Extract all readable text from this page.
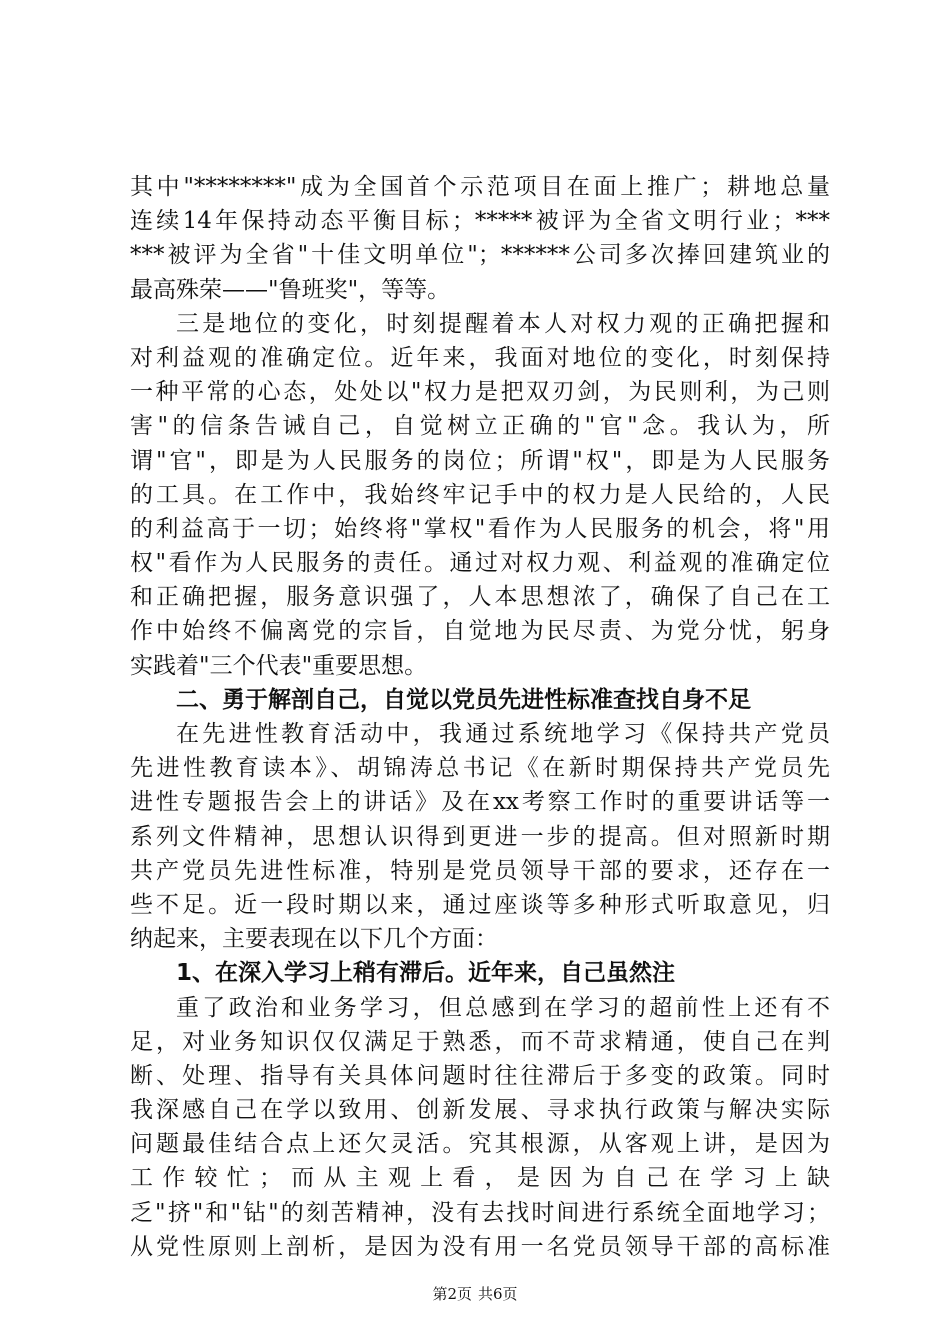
其中"********"成为全国首个示范项目在面上推广；耕地总量
连续14年保持动态平衡目标；*****被评为全省文明行业；***
***被评为全省"十佳文明单位"；******公司多次捧回建筑业的
最高殊荣——"鲁班奖"，等等。
三是地位的变化，时刻提醒着本人对权力观的正确把握和
对利益观的准确定位。近年来，我面对地位的变化，时刻保持
一种平常的心态，处处以"权力是把双刃剑，为民则利，为己则
害"的信条告诫自己，自觉树立正确的"官"念。我认为，所
谓"官"，即是为人民服务的岗位；所谓"权"，即是为人民服务
的工具。在工作中，我始终牢记手中的权力是人民给的，人民
的利益高于一切；始终将"掌权"看作为人民服务的机会，将"用
权"看作为人民服务的责任。通过对权力观、利益观的准确定位
和正确把握，服务意识强了，人本思想浓了，确保了自己在工
作中始终不偏离党的宗旨，自觉地为民尽责、为党分忧，躬身
实践着"三个代表"重要思想。
二、勇于解剖自己，自觉以党员先进性标准查找自身不足
在先进性教育活动中，我通过系统地学习《保持共产党员
先进性教育读本》、胡锦涛总书记《在新时期保持共产党员先
进性专题报告会上的讲话》及在xx考察工作时的重要讲话等一
系列文件精神，思想认识得到更进一步的提高。但对照新时期
共产党员先进性标准，特别是党员领导干部的要求，还存在一
些不足。近一段时期以来，通过座谈等多种形式听取意见，归
纳起来，主要表现在以下几个方面：
1、在深入学习上稍有滞后。近年来，自己虽然注
重了政治和业务学习，但总感到在学习的超前性上还有不
足，对业务知识仅仅满足于熟悉，而不苛求精通，使自己在判
断、处理、指导有关具体问题时往往滞后于多变的政策。同时
我深感自己在学以致用、创新发展、寻求执行政策与解决实际
问题最佳结合点上还欠灵活。究其根源，从客观上讲，是因为
工作较忙；而从主观上看，是因为自己在学习上缺
乏"挤"和"钻"的刻苦精神，没有去找时间进行系统全面地学习；
从党性原则上剖析，是因为没有用一名党员领导干部的高标准
第2页 共6页
